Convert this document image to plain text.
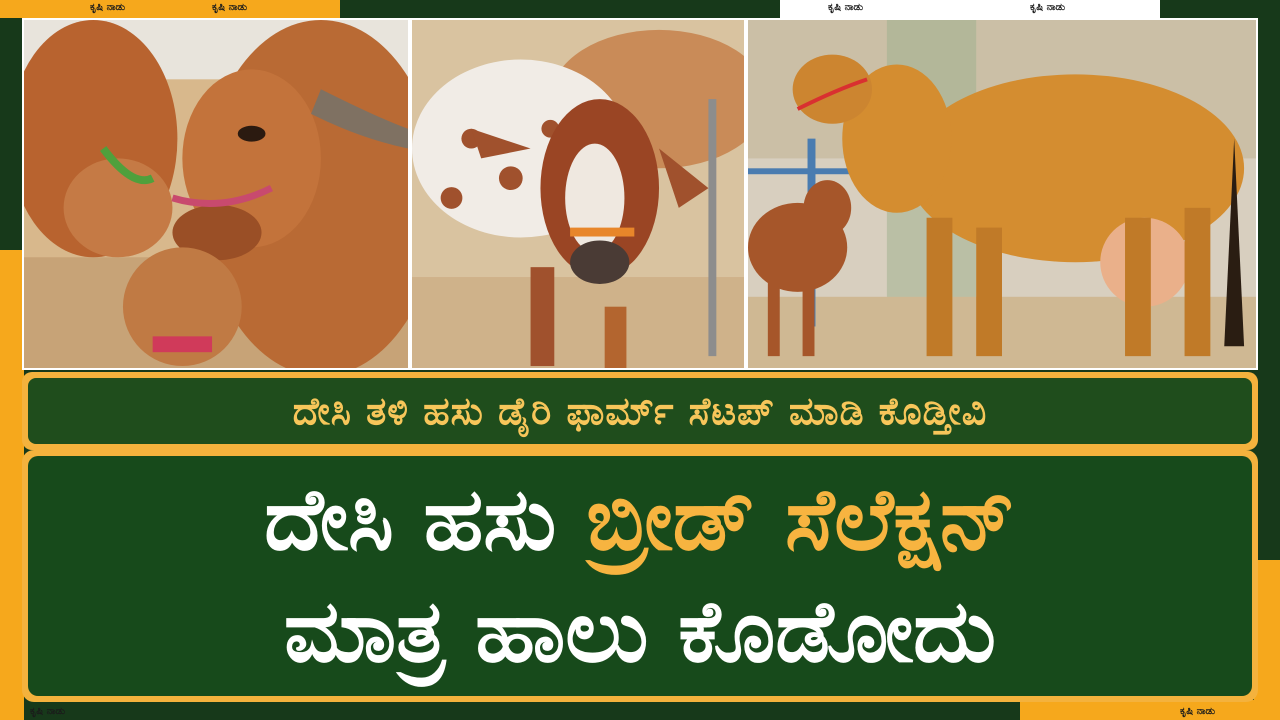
ಕೃಷಿ ನಾಡು	ಕೃಷಿ ನಾಡು	ಕೃಷಿ ನಾಡು	ಕೃಷಿ ನಾಡು
ಕೃಷಿ ನಾಡು	ಕೃಷಿ ನಾಡು
ದೇಸಿ ತಳಿ ಹಸು ಡೈರಿ ಫಾರ್ಮ್ ಸೆಟಪ್ ಮಾಡಿ ಕೊಡ್ತೀವಿ
ದೇಸಿ ಹಸು ಬ್ರೀಡ್ ಸೆಲೆಕ್ಷನ್
ಮಾತ್ರ ಹಾಲು ಕೊಡೋದು
